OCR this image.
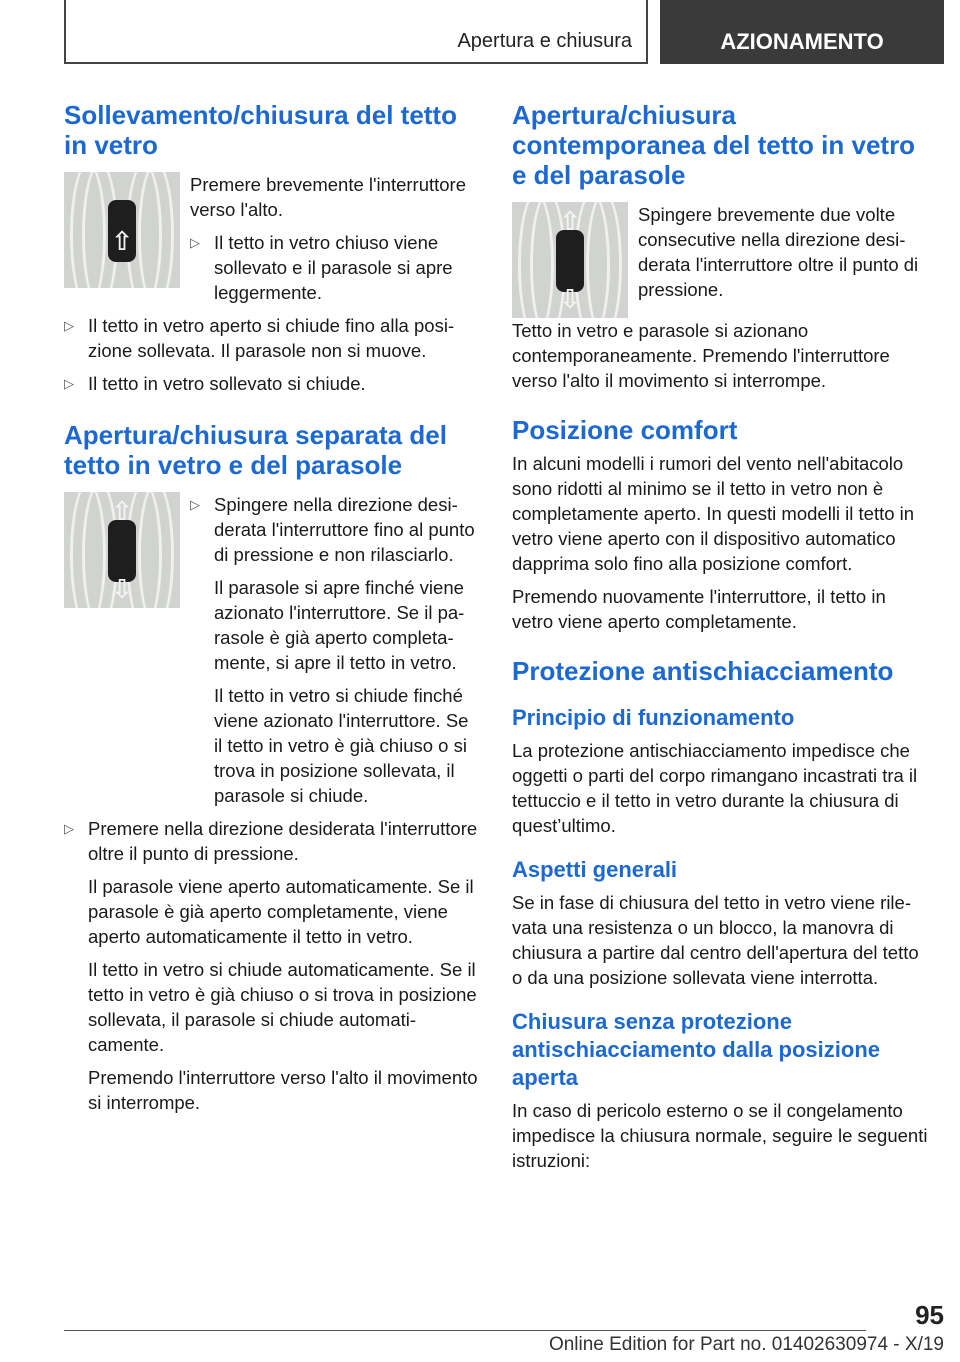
Apertura e chiusura	AZIONAMENTO
Sollevamento/chiusura del tetto in vetro
⇧

Premere brevemente l'interruttore verso l'alto.

▷ Il tetto in vetro chiuso viene sollevato e il parasole si apre leggermente.
▷ Il tetto in vetro aperto si chiude fino alla posizione sollevata. Il parasole non si muove.
▷ Il tetto in vetro sollevato si chiude.
Apertura/chiusura separata del tetto in vetro e del parasole
⇧
⇩
▷ Spingere nella direzione desiderata l'interruttore fino al punto di pressione e non rilasciarlo.

Il parasole si apre finché viene azionato l'interruttore. Se il parasole è già aperto completamente, si apre il tetto in vetro.

Il tetto in vetro si chiude finché viene azionato l'interruttore. Se il tetto in vetro è già chiuso o si trova in posizione sollevata, il parasole si chiude.

▷ Premere nella direzione desiderata l'interruttore oltre il punto di pressione.

Il parasole viene aperto automaticamente. Se il parasole è già aperto completamente, viene aperto automaticamente il tetto in vetro.

Il tetto in vetro si chiude automaticamente. Se il tetto in vetro è già chiuso o si trova in posizione sollevata, il parasole si chiude automaticamente.

Premendo l'interruttore verso l'alto il movimento si interrompe.

Apertura/chiusura contemporanea del tetto in vetro e del parasole
⇧
⇩

Spingere brevemente due volte consecutive nella direzione desiderata l'interruttore oltre il punto di pressione.

Tetto in vetro e parasole si azionano contemporaneamente. Premendo l'interruttore verso l'alto il movimento si interrompe.

Posizione comfort

In alcuni modelli i rumori del vento nell'abitacolo sono ridotti al minimo se il tetto in vetro non è completamente aperto. In questi modelli il tetto in vetro viene aperto con il dispositivo automatico dapprima solo fino alla posizione comfort.

Premendo nuovamente l'interruttore, il tetto in vetro viene aperto completamente.

Protezione antischiacciamento
Principio di funzionamento

La protezione antischiacciamento impedisce che oggetti o parti del corpo rimangano incastrati tra il tettuccio e il tetto in vetro durante la chiusura di quest’ultimo.

Aspetti generali

Se in fase di chiusura del tetto in vetro viene rilevata una resistenza o un blocco, la manovra di chiusura a partire dal centro dell'apertura del tetto o da una posizione sollevata viene interrotta.

Chiusura senza protezione antischiacciamento dalla posizione aperta

In caso di pericolo esterno o se il congelamento impedisce la chiusura normale, seguire le seguenti istruzioni:

95
Online Edition for Part no. 01402630974 - X/19
